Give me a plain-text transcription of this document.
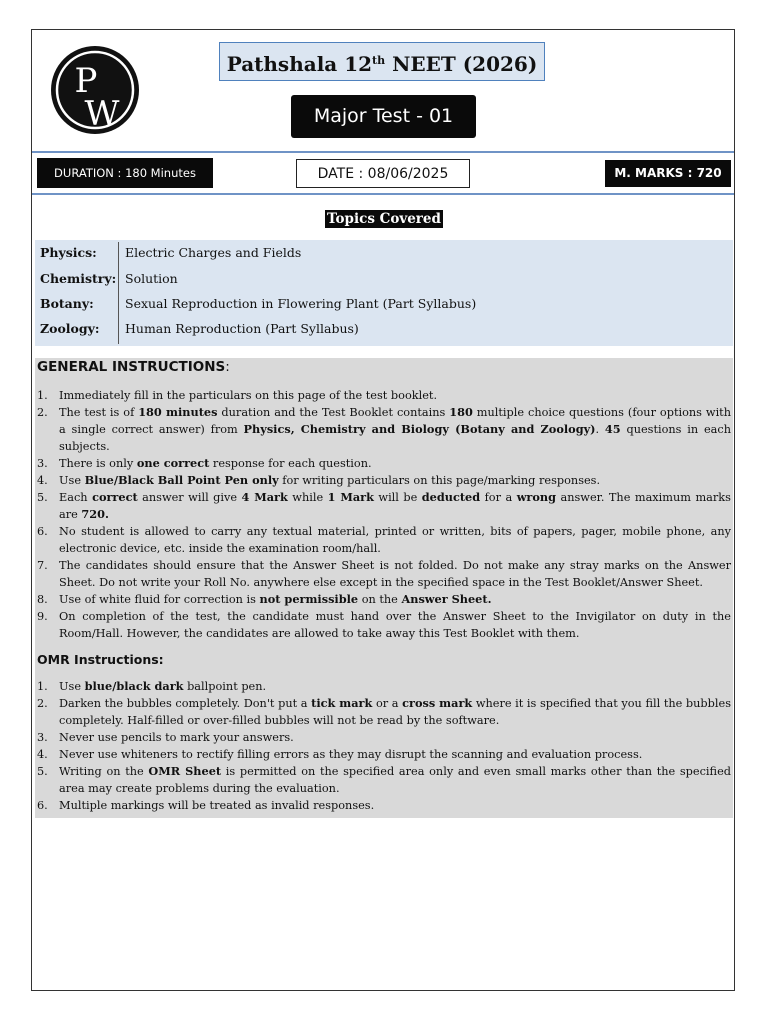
P
W
Pathshala 12th NEET (2026)
Major Test - 01
DURATION : 180 Minutes	DATE : 08/06/2025	M. MARKS : 720
Topics Covered
Physics: Electric Charges and Fields
Chemistry: Solution
Botany:	Sexual Reproduction in Flowering Plant (Part Syllabus)
Zoology: Human Reproduction (Part Syllabus)
GENERAL INSTRUCTIONS:
1. Immediately fill in the particulars on this page of the test booklet.
2. The test is of 180 minutes duration and the Test Booklet contains 180 multiple choice questions (four options with a single correct answer) from Physics, Chemistry and Biology (Botany and Zoology). 45 questions in each subjects.
3. There is only one correct response for each question.
4. Use Blue/Black Ball Point Pen only for writing particulars on this page/marking responses.
5. Each correct answer will give 4 Mark while 1 Mark will be deducted for a wrong answer. The maximum marks are 720.
6. No student is allowed to carry any textual material, printed or written, bits of papers, pager, mobile phone, any electronic device, etc. inside the examination room/hall.
7. The candidates should ensure that the Answer Sheet is not folded. Do not make any stray marks on the Answer Sheet. Do not write your Roll No. anywhere else except in the specified space in the Test Booklet/Answer Sheet.
8. Use of white fluid for correction is not permissible on the Answer Sheet.
9. On completion of the test, the candidate must hand over the Answer Sheet to the Invigilator on duty in the Room/Hall. However, the candidates are allowed to take away this Test Booklet with them.
OMR Instructions:
1. Use blue/black dark ballpoint pen.
2. Darken the bubbles completely. Don't put a tick mark or a cross mark where it is specified that you fill the bubbles completely. Half-filled or over-filled bubbles will not be read by the software.
3. Never use pencils to mark your answers.
4. Never use whiteners to rectify filling errors as they may disrupt the scanning and evaluation process.
5. Writing on the OMR Sheet is permitted on the specified area only and even small marks other than the specified area may create problems during the evaluation.
6. Multiple markings will be treated as invalid responses.
